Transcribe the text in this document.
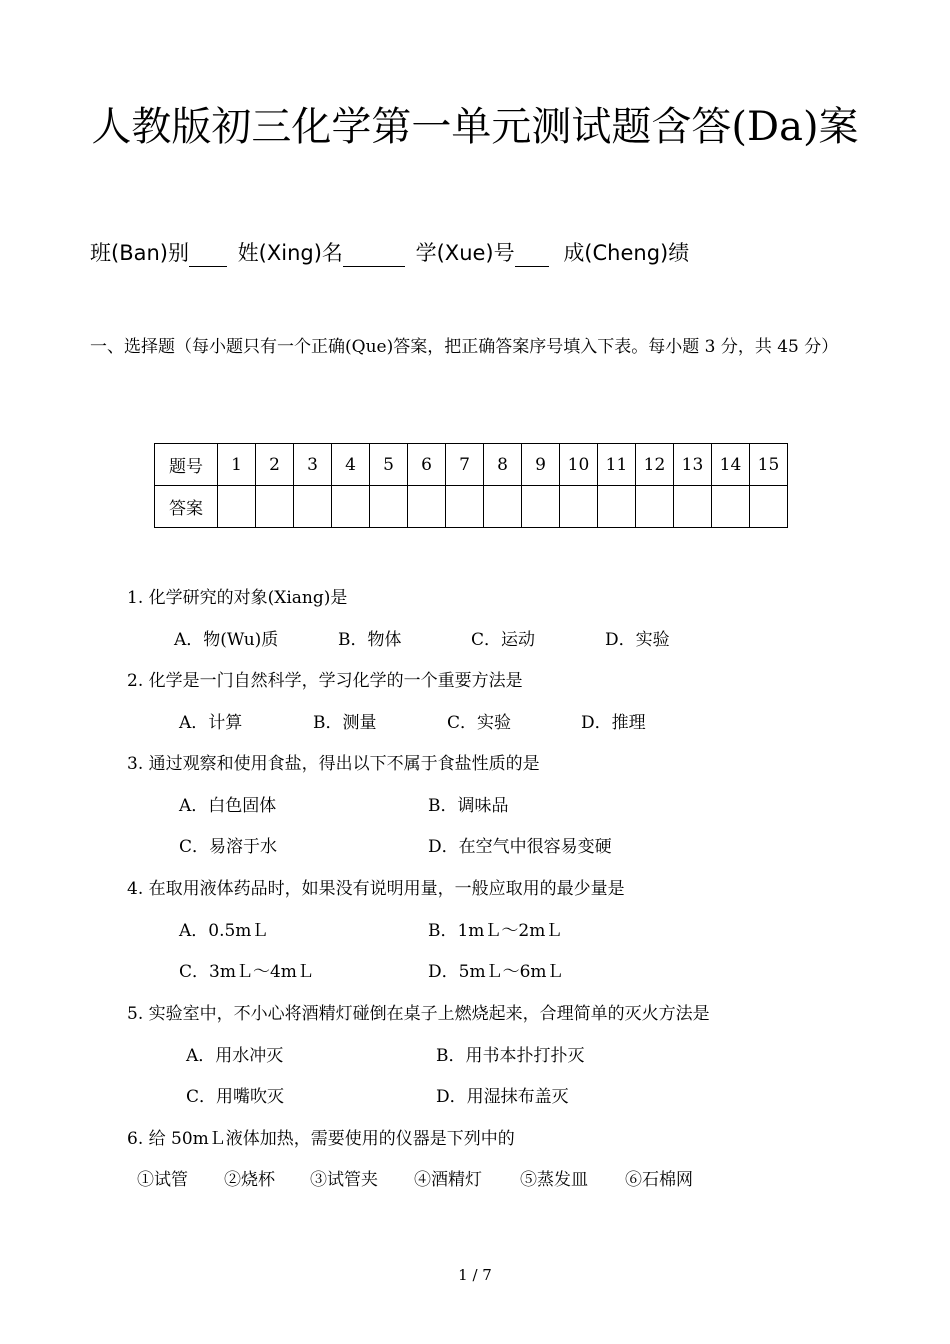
人教版初三化学第一单元测试题含答(Da)案
班(Ban)别 姓(Xing)名	学(Xue)号 成(Cheng)绩
一、选择题（每小题只有一个正确(Que)答案，把正确答案序号填入下表。每小题 3 分，共 45 分）
题号	1	2	3	4	5	6	7	8	9	10	11	12	13	14	15
答案															
1. 化学研究的对象(Xiang)是
A．物(Wu)质	B．物体	C．运动	D．实验
2. 化学是一门自然科学，学习化学的一个重要方法是
A．计算	B．测量	C．实验	D．推理
3. 通过观察和使用食盐，得出以下不属于食盐性质的是
A．白色固体	B．调味品
C．易溶于水	D．在空气中很容易变硬
4. 在取用液体药品时，如果没有说明用量，一般应取用的最少量是
A．0.5mＬ	B．1mＬ～2mＬ
C．3mＬ～4mＬ	D．5mＬ～6mＬ
5. 实验室中，不小心将酒精灯碰倒在桌子上燃烧起来，合理简单的灭火方法是
A．用水冲灭	B．用书本扑打扑灭
C．用嘴吹灭	D．用湿抹布盖灭
6. 给 50mＬ液体加热，需要使用的仪器是下列中的
①试管 ②烧杯 ③试管夹 ④酒精灯 ⑤蒸发皿 ⑥石棉网
1 / 7
